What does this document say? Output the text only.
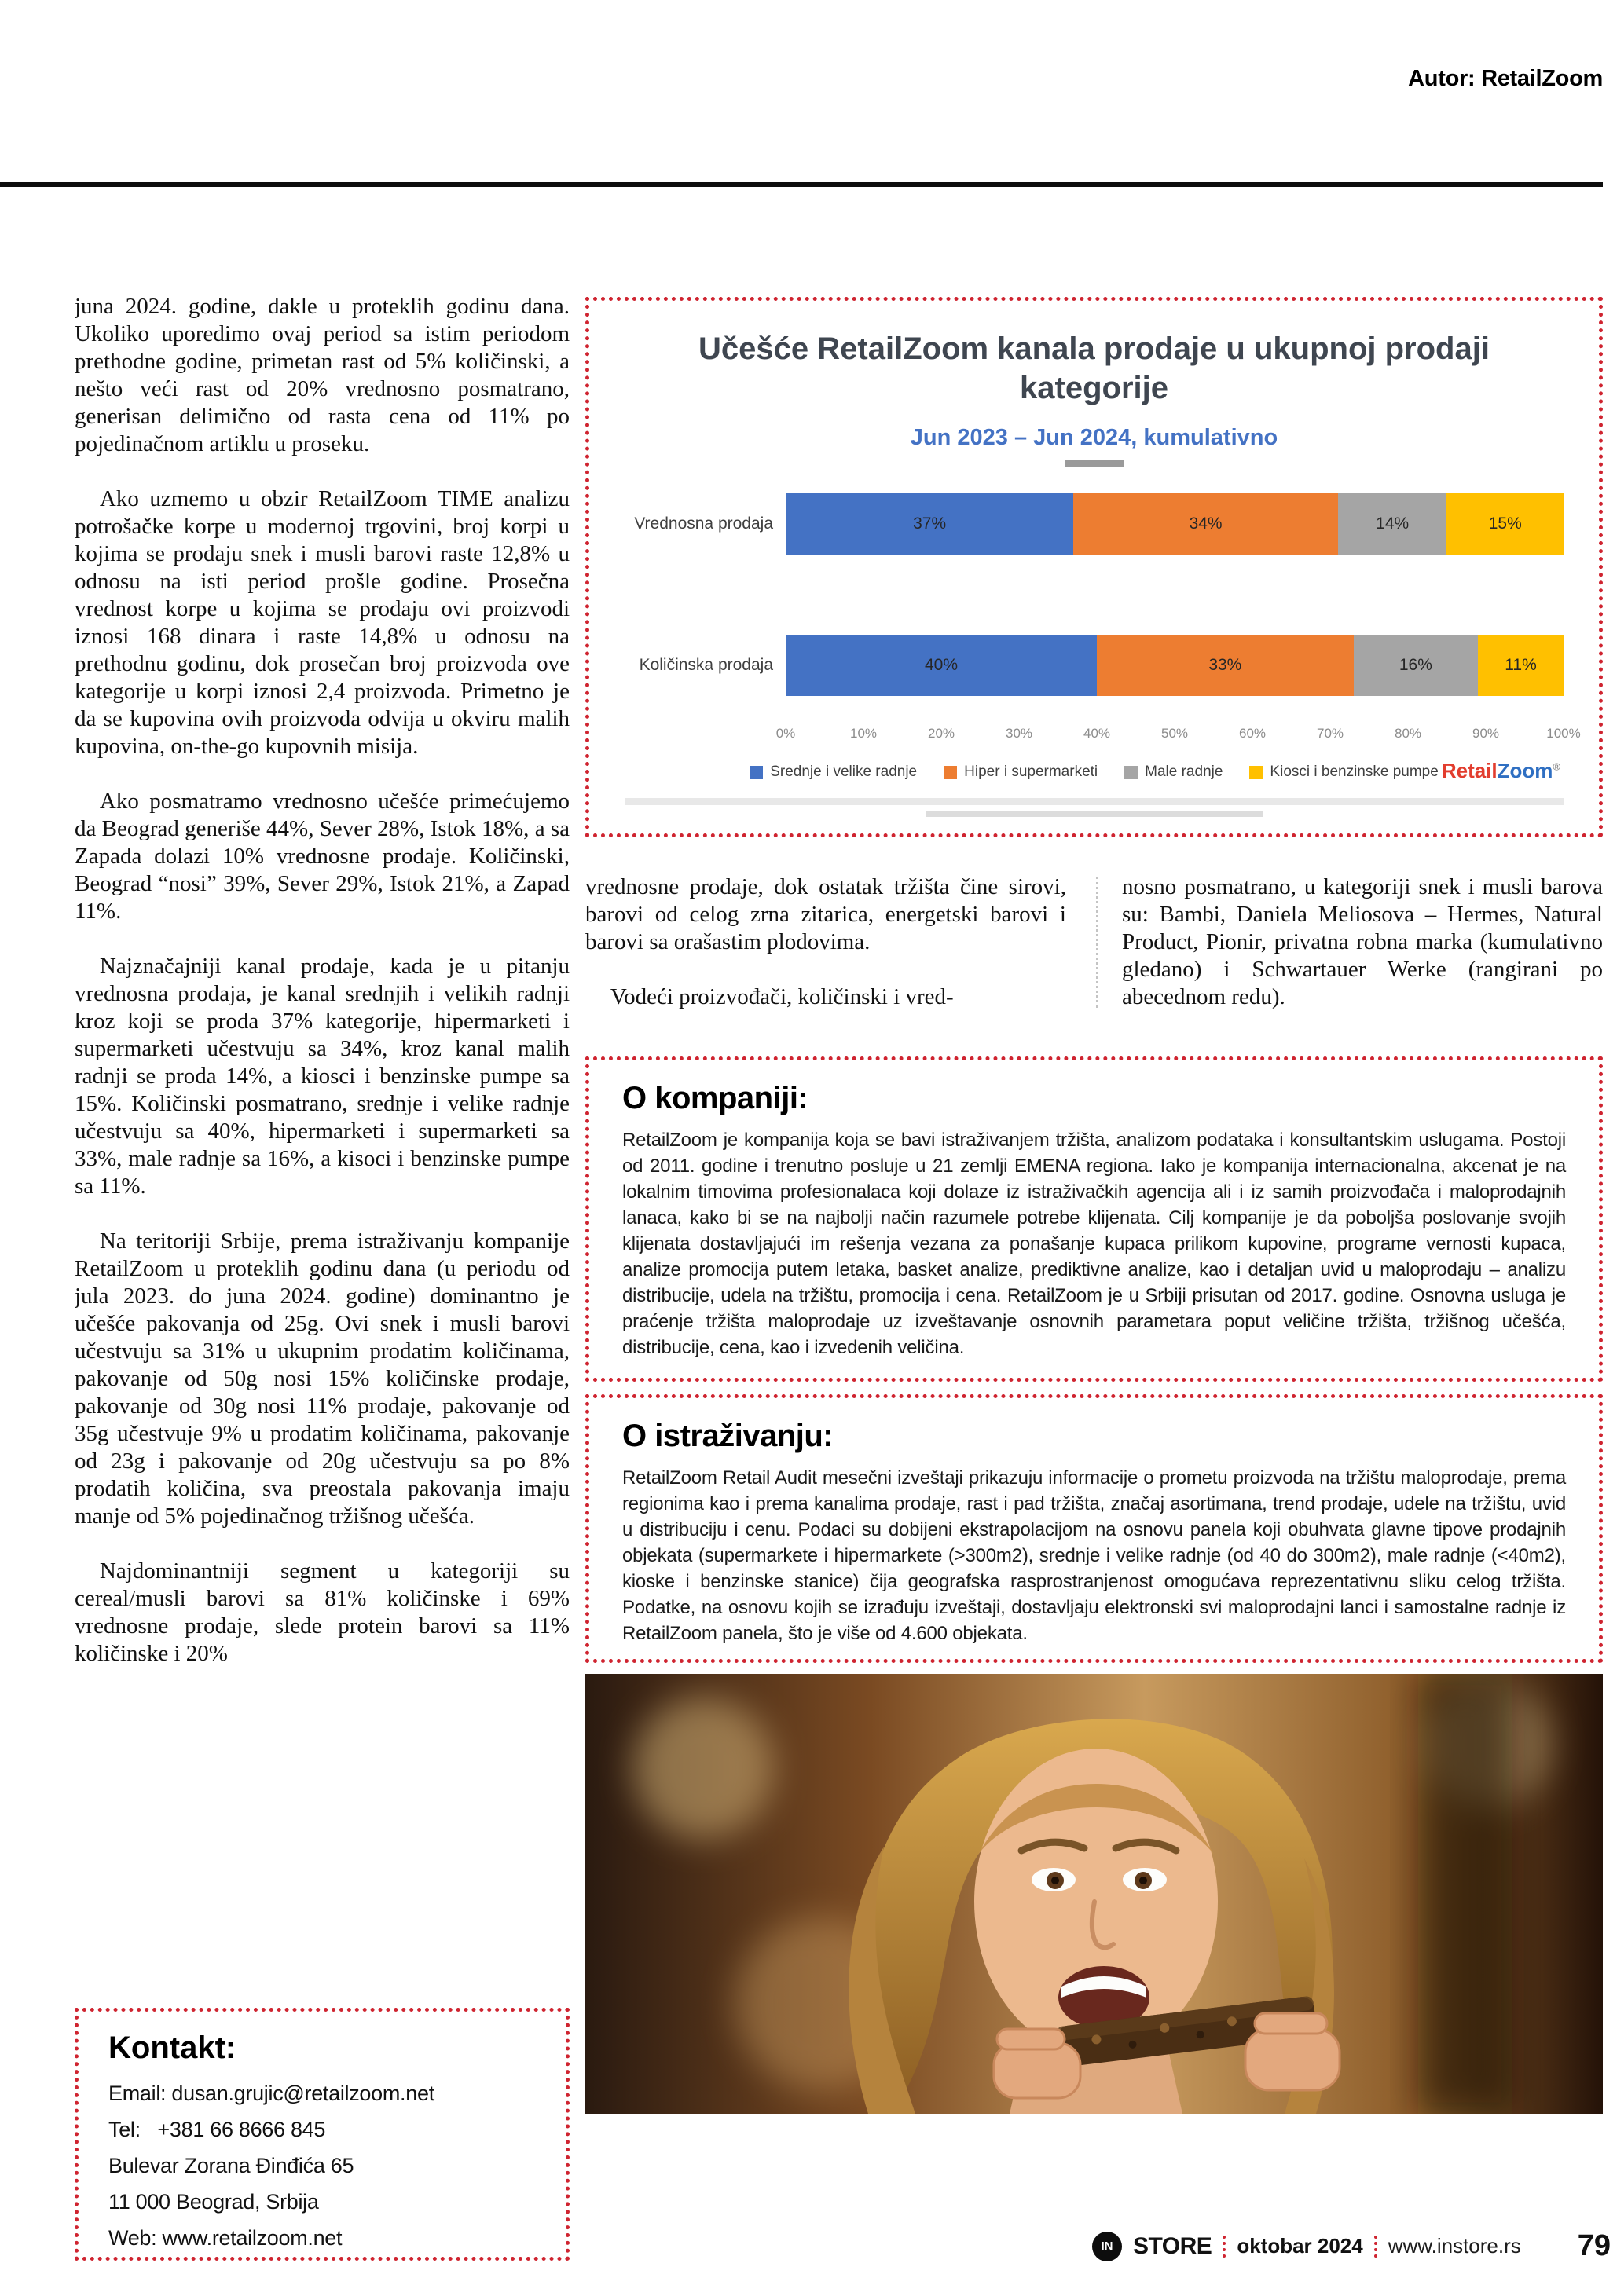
Autor: RetailZoom

juna 2024. godine, dakle u proteklih godinu dana. Ukoliko uporedimo ovaj period sa istim periodom prethodne godine, primetan rast od 5% količinski, a nešto veći rast od 20% vrednosno posmatrano, generisan delimično od rasta cena od 11% po pojedinačnom artiklu u proseku.

Ako uzmemo u obzir RetailZoom TIME analizu potrošačke korpe u modernoj trgovini, broj korpi u kojima se prodaju snek i musli barovi raste 12,8% u odnosu na isti period prošle godine. Prosečna vrednost korpe u kojima se prodaju ovi proizvodi iznosi 168 dinara i raste 14,8% u odnosu na prethodnu godinu, dok prosečan broj proizvoda ove kategorije u korpi iznosi 2,4 proizvoda. Primetno je da se kupovina ovih proizvoda odvija u okviru malih kupovina, on-the-go kupovnih misija.

Ako posmatramo vrednosno učešće primećujemo da Beograd generiše 44%, Sever 28%, Istok 18%, a sa Zapada dolazi 10% vrednosne prodaje. Količinski, Beograd “nosi” 39%, Sever 29%, Istok 21%, a Zapad 11%.

Najznačajniji kanal prodaje, kada je u pitanju vrednosna prodaja, je kanal srednjih i velikih radnji kroz koji se proda 37% kategorije, hipermarketi i supermarketi učestvuju sa 34%, kroz kanal malih radnji se proda 14%, a kiosci i benzinske pumpe sa 15%. Količinski posmatrano, srednje i velike radnje učestvuju sa 40%, hipermarketi i supermarketi sa 33%, male radnje sa 16%, a kisoci i benzinske pumpe sa 11%.

Na teritoriji Srbije, prema istraživanju kompanije RetailZoom u proteklih godinu dana (u periodu od jula 2023. do juna 2024. godine) dominantno je učešće pakovanja od 25g. Ovi snek i musli barovi učestvuju sa 31% u ukupnim prodatim količinama, pakovanje od 50g nosi 15% količinske prodaje, pakovanje od 30g nosi 11% prodaje, pakovanje od 35g učestvuje 9% u prodatim količinama, pakovanje od 23g i pakovanje od 20g učestvuju sa po 8% prodatih količina, sva preostala pakovanja imaju manje od 5% pojedinačnog tržišnog učešća.

Najdominantniji segment u kategoriji su cereal/musli barovi sa 81% količinske i 69% vrednosne prodaje, slede protein barovi sa 11% količinske i 20%

Učešće RetailZoom kanala prodaje u ukupnoj prodaji kategorije
Jun 2023 – Jun 2024, kumulativno
Vrednosna prodaja	37%	34%	14%	15%
Količinska prodaja	40%	33%	16%	11%
0%	10%	20%	30%	40%	50%	60%	70%	80%	90%	100%
Srednje i velike radnje	Hiper i supermarketi	Male radnje	Kiosci i benzinske pumpe RetailZoom®

vrednosne prodaje, dok ostatak tržišta čine sirovi, barovi od celog zrna zitarica, energetski barovi i barovi sa orašastim plodovima.

Vodeći proizvođači, količinski i vred-

nosno posmatrano, u kategoriji snek i musli barova su: Bambi, Daniela Meliosova – Hermes, Natural Product, Pionir, privatna robna marka (kumulativno gledano) i Schwartauer Werke (rangirani po abecednom redu).

O kompaniji:
RetailZoom je kompanija koja se bavi istraživanjem tržišta, analizom podataka i konsultantskim uslugama. Postoji od 2011. godine i trenutno posluje u 21 zemlji EMENA regiona. Iako je kompanija internacionalna, akcenat je na lokalnim timovima profesionalaca koji dolaze iz istraživačkih agencija ali i iz samih proizvođača i maloprodajnih lanaca, kako bi se na najbolji način razumele potrebe klijenata. Cilj kompanije je da poboljša poslovanje svojih klijenata dostavljajući im rešenja vezana za ponašanje kupaca prilikom kupovine, programe vernosti kupaca, analize promocija putem letaka, basket analize, prediktivne analize, kao i detaljan uvid u maloprodaju – analizu distribucije, udela na tržištu, promocija i cena. RetailZoom je u Srbiji prisutan od 2017. godine. Osnovna usluga je praćenje tržišta maloprodaje uz izveštavanje osnovnih parametara poput veličine tržišta, tržišnog učešća, distribucije, cena, kao i izvedenih veličina.
O istraživanju:
RetailZoom Retail Audit mesečni izveštaji prikazuju informacije o prometu proizvoda na tržištu maloprodaje, prema regionima kao i prema kanalima prodaje, rast i pad tržišta, značaj asortimana, trend prodaje, udele na tržištu, uvid u distribuciju i cenu. Podaci su dobijeni ekstrapolacijom na osnovu panela koji obuhvata glavne tipove prodajnih objekata (supermarkete i hipermarkete (>300m2), srednje i velike radnje (od 40 do 300m2), male radnje (<40m2), kioske i benzinske stanice) čija geografska rasprostranjenost omogućava reprezentativnu sliku celog tržišta. Podatke, na osnovu kojih se izrađuju izveštaji, dostavljaju elektronski svi maloprodajni lanci i samostalne radnje iz RetailZoom panela, što je više od 4.600 objekata.
Kontakt:

Email: dusan.grujic@retailzoom.net

Tel:   +381 66 8666 845

Bulevar Zorana Đinđića 65

11 000 Beograd, Srbija

Web: www.retailzoom.net	IN STORE oktobar 2024 www.instore.rs 79
